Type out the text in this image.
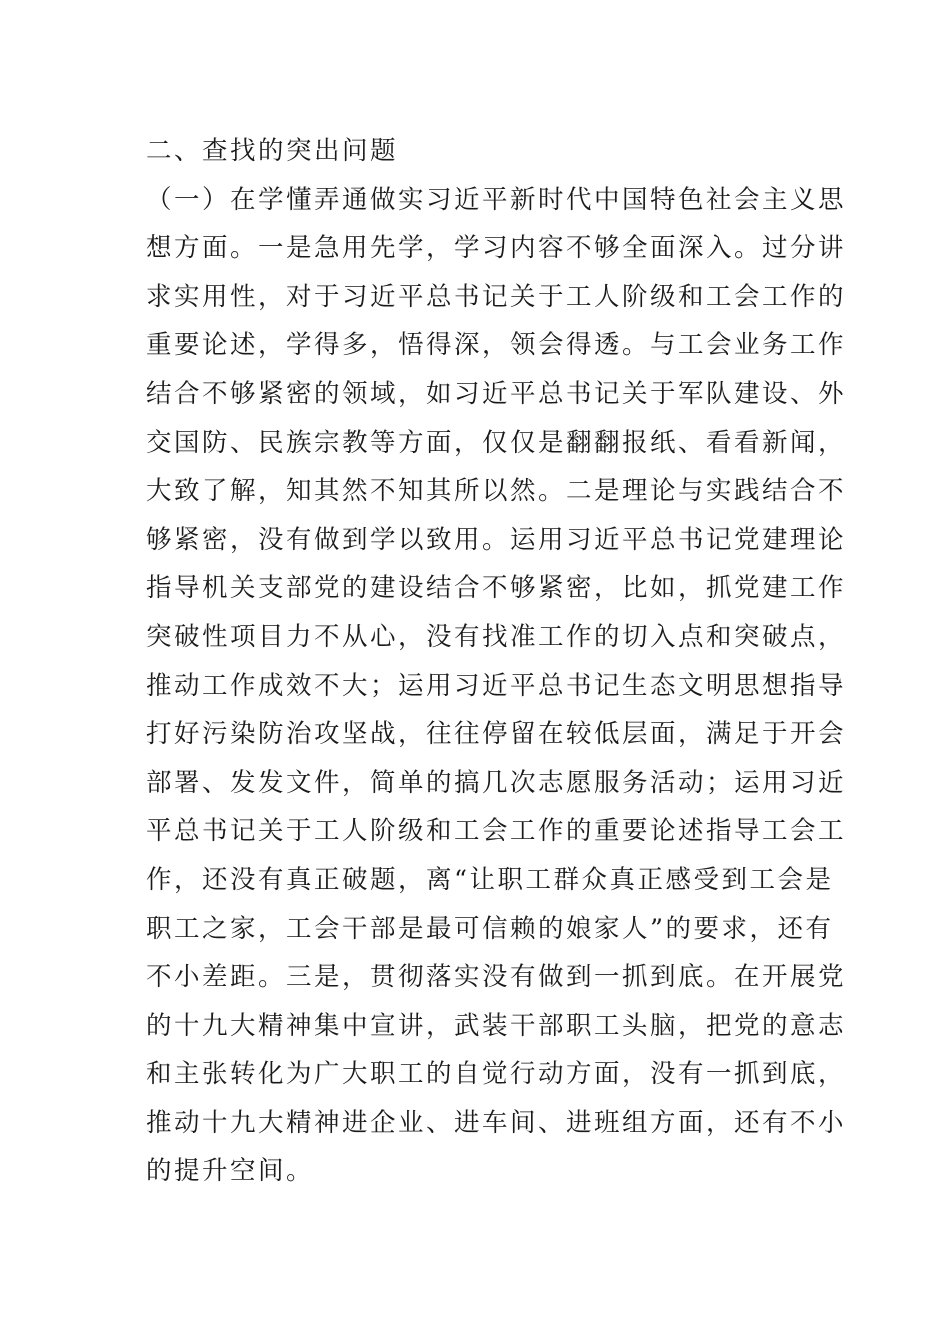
二、查找的突出问题
（一）在学懂弄通做实习近平新时代中国特色社会主义思
想方面。一是急用先学，学习内容不够全面深入。过分讲
求实用性，对于习近平总书记关于工人阶级和工会工作的
重要论述，学得多，悟得深，领会得透。与工会业务工作
结合不够紧密的领域，如习近平总书记关于军队建设、外
交国防、民族宗教等方面，仅仅是翻翻报纸、看看新闻，
大致了解，知其然不知其所以然。二是理论与实践结合不
够紧密，没有做到学以致用。运用习近平总书记党建理论
指导机关支部党的建设结合不够紧密，比如，抓党建工作
突破性项目力不从心，没有找准工作的切入点和突破点，
推动工作成效不大；运用习近平总书记生态文明思想指导
打好污染防治攻坚战，往往停留在较低层面，满足于开会
部署、发发文件，简单的搞几次志愿服务活动；运用习近
平总书记关于工人阶级和工会工作的重要论述指导工会工
作，还没有真正破题，离“让职工群众真正感受到工会是
职工之家，工会干部是最可信赖的娘家人”的要求，还有
不小差距。三是，贯彻落实没有做到一抓到底。在开展党
的十九大精神集中宣讲，武装干部职工头脑，把党的意志
和主张转化为广大职工的自觉行动方面，没有一抓到底，
推动十九大精神进企业、进车间、进班组方面，还有不小
的提升空间。
